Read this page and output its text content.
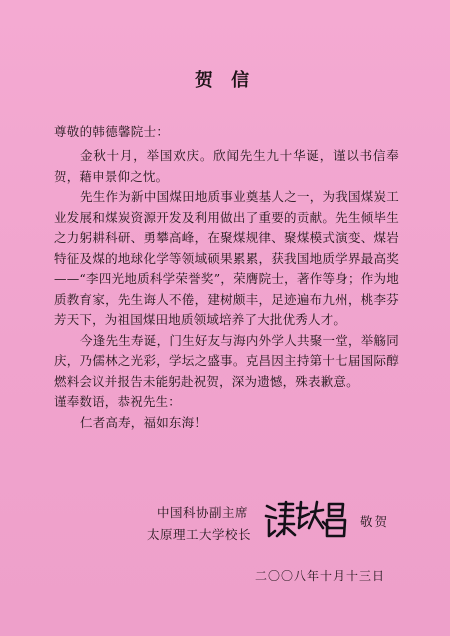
贺 信
尊敬的韩德馨院士：

金秋十月，举国欢庆。欣闻先生九十华诞，谨以书信奉贺，藉申景仰之忱。

先生作为新中国煤田地质事业奠基人之一，为我国煤炭工业发展和煤炭资源开发及利用做出了重要的贡献。先生倾毕生之力躬耕科研、勇攀高峰，在聚煤规律、聚煤模式演变、煤岩特征及煤的地球化学等领域硕果累累，获我国地质学界最高奖——“李四光地质科学荣誉奖”，荣膺院士，著作等身；作为地质教育家，先生诲人不倦，建树颇丰，足迹遍布九州，桃李芬芳天下，为祖国煤田地质领域培养了大批优秀人才。

今逢先生寿诞，门生好友与海内外学人共聚一堂，举觞同庆，乃儒林之光彩，学坛之盛事。克昌因主持第十七届国际醇燃料会议并报告未能躬赴祝贺，深为遗憾，殊表歉意。

谨奉数语，恭祝先生：

仁者高寿，福如东海！

中国科协副主席
太原理工大学校长
敬贺
二〇〇八年十月十三日
